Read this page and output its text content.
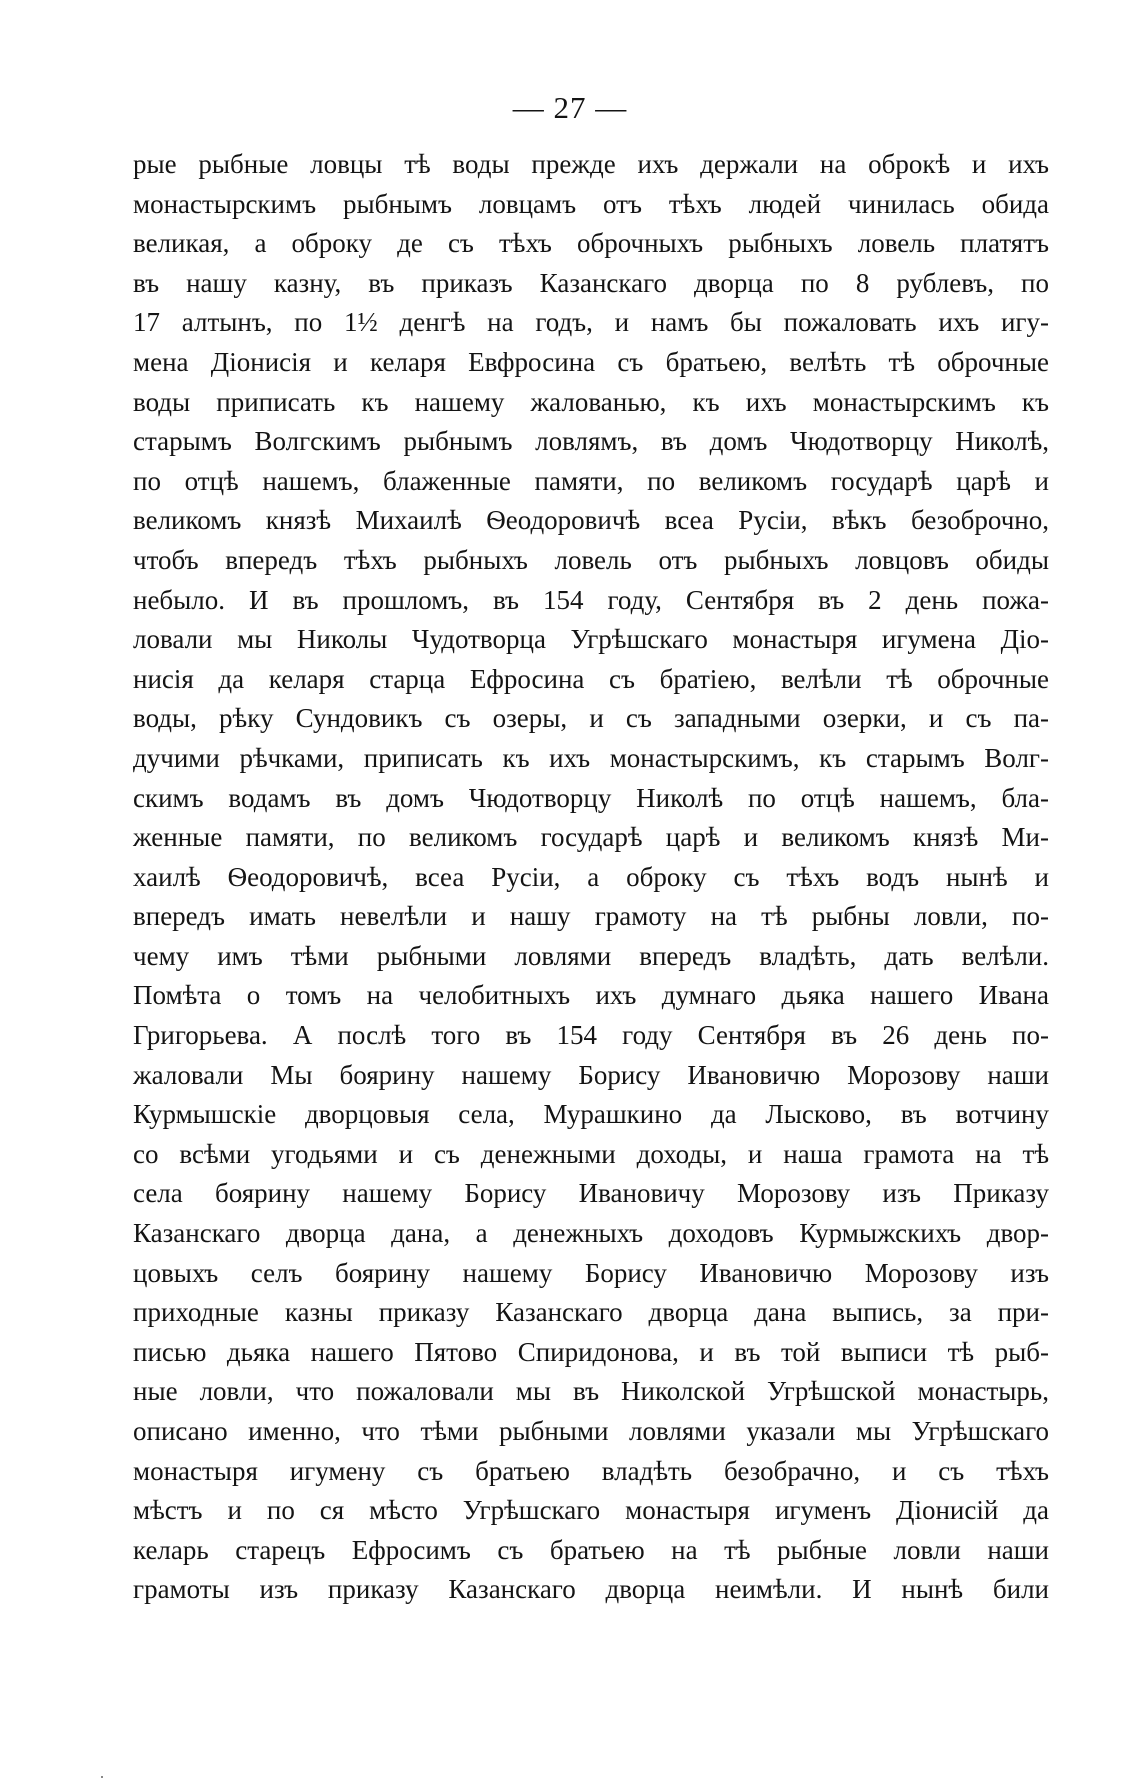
— 27 —
рые рыбные ловцы тѣ воды прежде ихъ держали на оброкѣ и ихъ
монастырскимъ рыбнымъ ловцамъ отъ тѣхъ людей чинилась обида
великая, а оброку де съ тѣхъ оброчныхъ рыбныхъ ловель платятъ
въ нашу казну, въ приказъ Казанскаго дворца по 8 рублевъ, по
17 алтынъ, по 1½ денгѣ на годъ, и намъ бы пожаловать ихъ игу-
мена Діонисія и келаря Евфросина съ братьею, велѣть тѣ оброчные
воды приписать къ нашему жалованью, къ ихъ монастырскимъ къ
старымъ Волгскимъ рыбнымъ ловлямъ, въ домъ Чюдотворцу Николѣ,
по отцѣ нашемъ, блаженные памяти, по великомъ государѣ царѣ и
великомъ князѣ Михаилѣ Ѳеодоровичѣ всеа Русіи, вѣкъ безоброчно,
чтобъ впередъ тѣхъ рыбныхъ ловель отъ рыбныхъ ловцовъ обиды
небыло. И въ прошломъ, въ 154 году, Сентября въ 2 день пожа-
ловали мы Николы Чудотворца Угрѣшскаго монастыря игумена Діо-
нисія да келаря старца Ефросина съ братіею, велѣли тѣ оброчные
воды, рѣку Сундовикъ съ озеры, и съ западными озерки, и съ па-
дучими рѣчками, приписать къ ихъ монастырскимъ, къ старымъ Волг-
скимъ водамъ въ домъ Чюдотворцу Николѣ по отцѣ нашемъ, бла-
женные памяти, по великомъ государѣ царѣ и великомъ князѣ Ми-
хаилѣ Ѳеодоровичѣ, всеа Русіи, а оброку съ тѣхъ водъ нынѣ и
впередъ имать невелѣли и нашу грамоту на тѣ рыбны ловли, по-
чему имъ тѣми рыбными ловлями впередъ владѣть, дать велѣли.
Помѣта о томъ на челобитныхъ ихъ думнаго дьяка нашего Ивана
Григорьева. А послѣ того въ 154 году Сентября въ 26 день по-
жаловали Мы боярину нашему Борису Ивановичю Морозову наши
Курмышскіе дворцовыя села, Мурашкино да Лысково, въ вотчину
со всѣми угодьями и съ денежными доходы, и наша грамота на тѣ
села боярину нашему Борису Ивановичу Морозову изъ Приказу
Казанскаго дворца дана, а денежныхъ доходовъ Курмыжскихъ двор-
цовыхъ селъ боярину нашему Борису Ивановичю Морозову изъ
приходные казны приказу Казанскаго дворца дана выпись, за при-
писью дьяка нашего Пятово Спиридонова, и въ той выписи тѣ рыб-
ные ловли, что пожаловали мы въ Николской Угрѣшской монастырь,
описано именно, что тѣми рыбными ловлями указали мы Угрѣшскаго
монастыря игумену съ братьею владѣть безобрачно, и съ тѣхъ
мѣстъ и по ся мѣсто Угрѣшскаго монастыря игуменъ Діонисій да
келарь старецъ Ефросимъ съ братьею на тѣ рыбные ловли наши
грамоты изъ приказу Казанскаго дворца неимѣли. И нынѣ били
